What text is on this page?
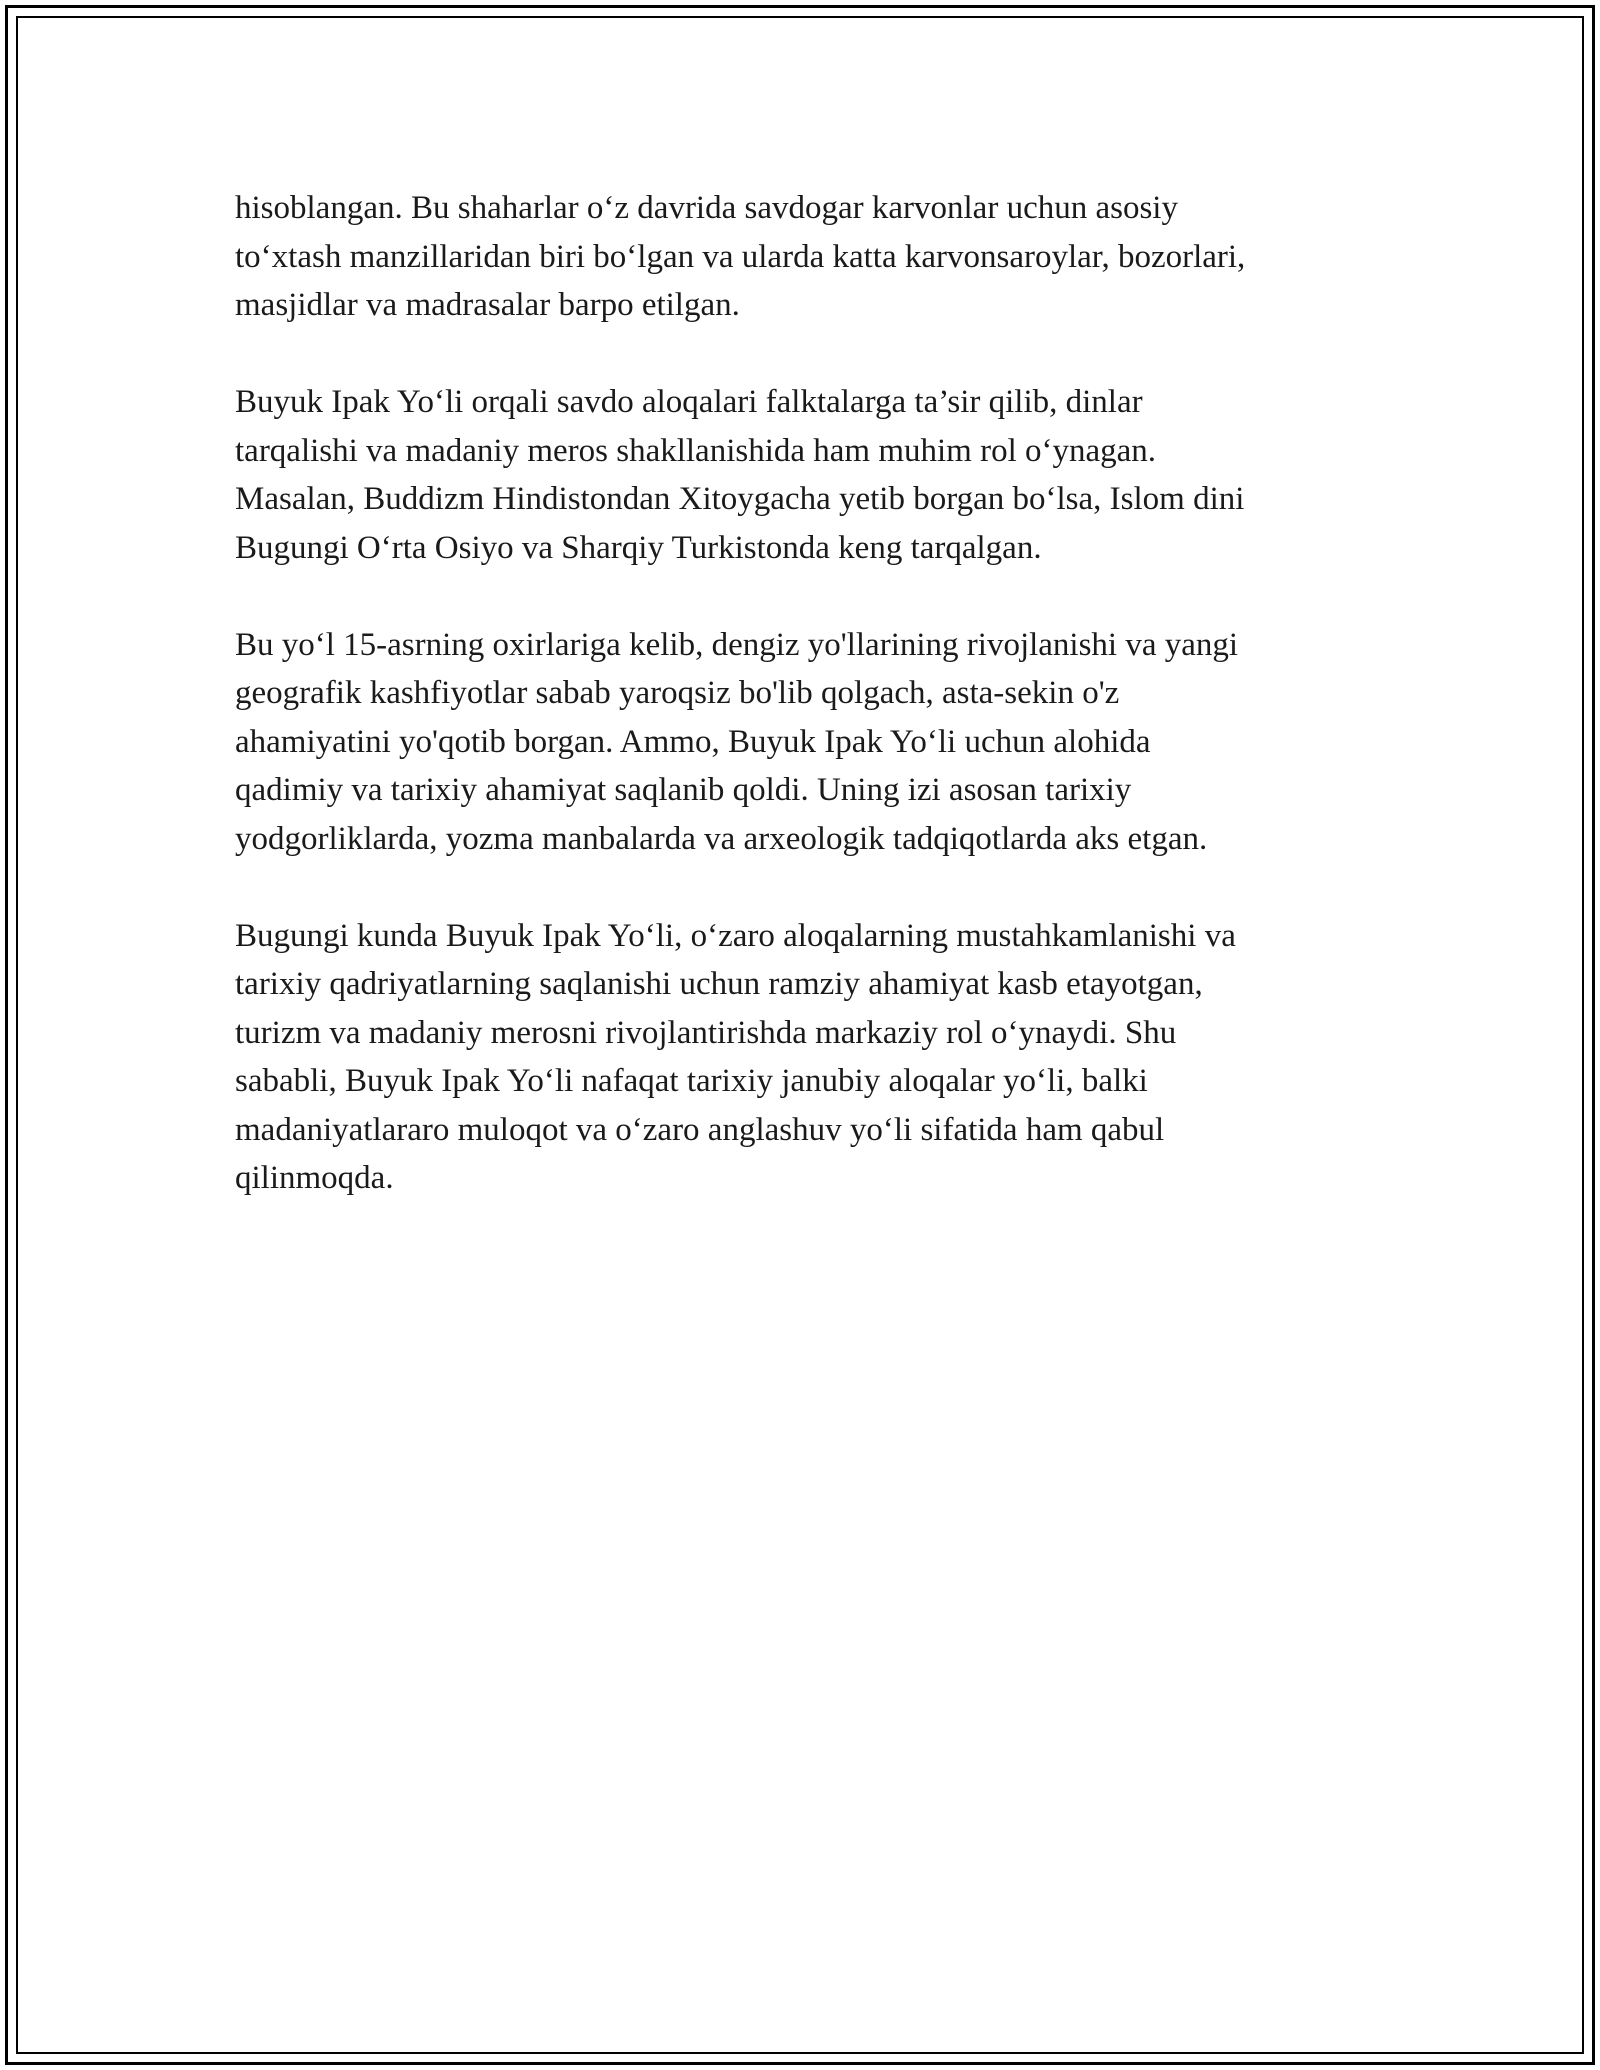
hisoblangan. Bu shaharlar o‘z davrida savdogar karvonlar uchun asosiy
to‘xtash manzillaridan biri bo‘lgan va ularda katta karvonsaroylar, bozorlari,
masjidlar va madrasalar barpo etilgan.

Buyuk Ipak Yo‘li orqali savdo aloqalari falktalarga ta’sir qilib, dinlar
tarqalishi va madaniy meros shakllanishida ham muhim rol o‘ynagan.
Masalan, Buddizm Hindistondan Xitoygacha yetib borgan bo‘lsa, Islom dini
Bugungi O‘rta Osiyo va Sharqiy Turkistonda keng tarqalgan.

Bu yo‘l 15-asrning oxirlariga kelib, dengiz yo'llarining rivojlanishi va yangi
geografik kashfiyotlar sabab yaroqsiz bo'lib qolgach, asta-sekin o'z
ahamiyatini yo'qotib borgan. Ammo, Buyuk Ipak Yo‘li uchun alohida
qadimiy va tarixiy ahamiyat saqlanib qoldi. Uning izi asosan tarixiy
yodgorliklarda, yozma manbalarda va arxeologik tadqiqotlarda aks etgan.

Bugungi kunda Buyuk Ipak Yo‘li, o‘zaro aloqalarning mustahkamlanishi va
tarixiy qadriyatlarning saqlanishi uchun ramziy ahamiyat kasb etayotgan,
turizm va madaniy merosni rivojlantirishda markaziy rol o‘ynaydi. Shu
sababli, Buyuk Ipak Yo‘li nafaqat tarixiy janubiy aloqalar yo‘li, balki
madaniyatlararo muloqot va o‘zaro anglashuv yo‘li sifatida ham qabul
qilinmoqda.
